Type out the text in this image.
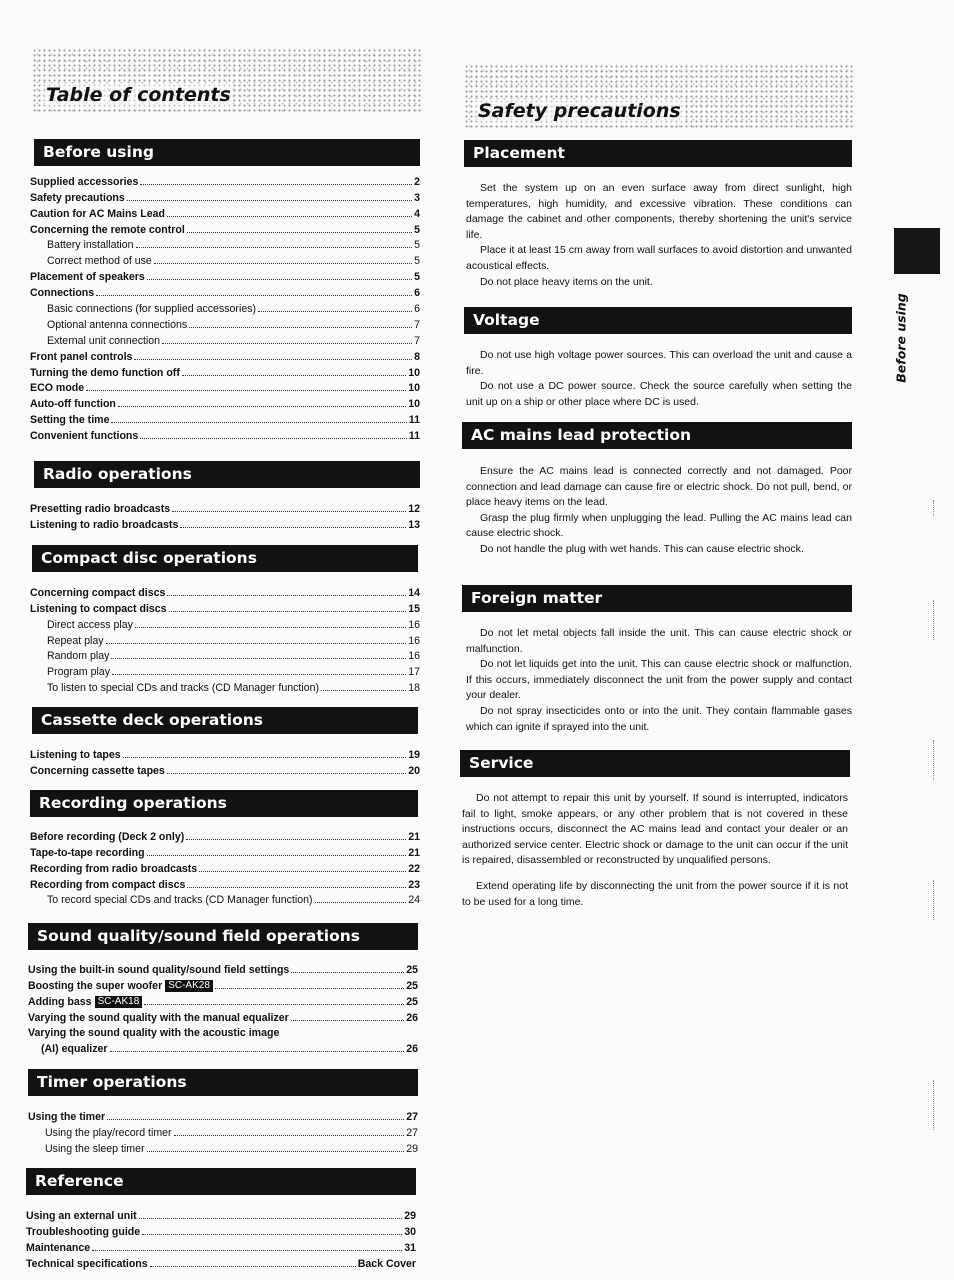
Table of contents
Before using
Supplied accessories	2
Safety precautions	3
Caution for AC Mains Lead	4
Concerning the remote control	5
Battery installation	5
Correct method of use	5
Placement of speakers	5
Connections	6
Basic connections (for supplied accessories)	6
Optional antenna connections	7
External unit connection	7
Front panel controls	8
Turning the demo function off	10
ECO mode	10
Auto-off function	10
Setting the time	11
Convenient functions	11
Radio operations
Presetting radio broadcasts	12
Listening to radio broadcasts	13
Compact disc operations
Concerning compact discs	14
Listening to compact discs	15
Direct access play	16
Repeat play	16
Random play	16
Program play	17
To listen to special CDs and tracks (CD Manager function)	18
Cassette deck operations
Listening to tapes	19
Concerning cassette tapes	20
Recording operations
Before recording (Deck 2 only)	21
Tape-to-tape recording	21
Recording from radio broadcasts	22
Recording from compact discs	23
To record special CDs and tracks (CD Manager function)	24
Sound quality/sound field operations
Using the built-in sound quality/sound field settings	25
Boosting the super woofer SC-AK28	25
Adding bass SC-AK18	25
Varying the sound quality with the manual equalizer	26
Varying the sound quality with the acoustic image
(AI) equalizer	26
Timer operations
Using the timer	27
Using the play/record timer	27
Using the sleep timer	29
Reference
Using an external unit	29
Troubleshooting guide	30
Maintenance	31
Technical specifications	Back Cover
Safety precautions
Placement

Set the system up on an even surface away from direct sunlight, high temperatures, high humidity, and excessive vibration. These conditions can damage the cabinet and other components, thereby shortening the unit's service life.

Place it at least 15 cm away from wall surfaces to avoid distortion and unwanted acoustical effects.

Do not place heavy items on the unit.

Voltage

Do not use high voltage power sources. This can overload the unit and cause a fire.

Do not use a DC power source. Check the source carefully when setting the unit up on a ship or other place where DC is used.

AC mains lead protection

Ensure the AC mains lead is connected correctly and not damaged. Poor connection and lead damage can cause fire or electric shock. Do not pull, bend, or place heavy items on the lead.

Grasp the plug firmly when unplugging the lead. Pulling the AC mains lead can cause electric shock.

Do not handle the plug with wet hands. This can cause electric shock.

Foreign matter

Do not let metal objects fall inside the unit. This can cause electric shock or malfunction.

Do not let liquids get into the unit. This can cause electric shock or malfunction. If this occurs, immediately disconnect the unit from the power supply and contact your dealer.

Do not spray insecticides onto or into the unit. They contain flammable gases which can ignite if sprayed into the unit.

Service

Do not attempt to repair this unit by yourself. If sound is interrupted, indicators fail to light, smoke appears, or any other problem that is not covered in these instructions occurs, disconnect the AC mains lead and contact your dealer or an authorized service center. Electric shock or damage to the unit can occur if the unit is repaired, disassembled or reconstructed by unqualified persons.

Extend operating life by disconnecting the unit from the power source if it is not to be used for a long time.

Before using
